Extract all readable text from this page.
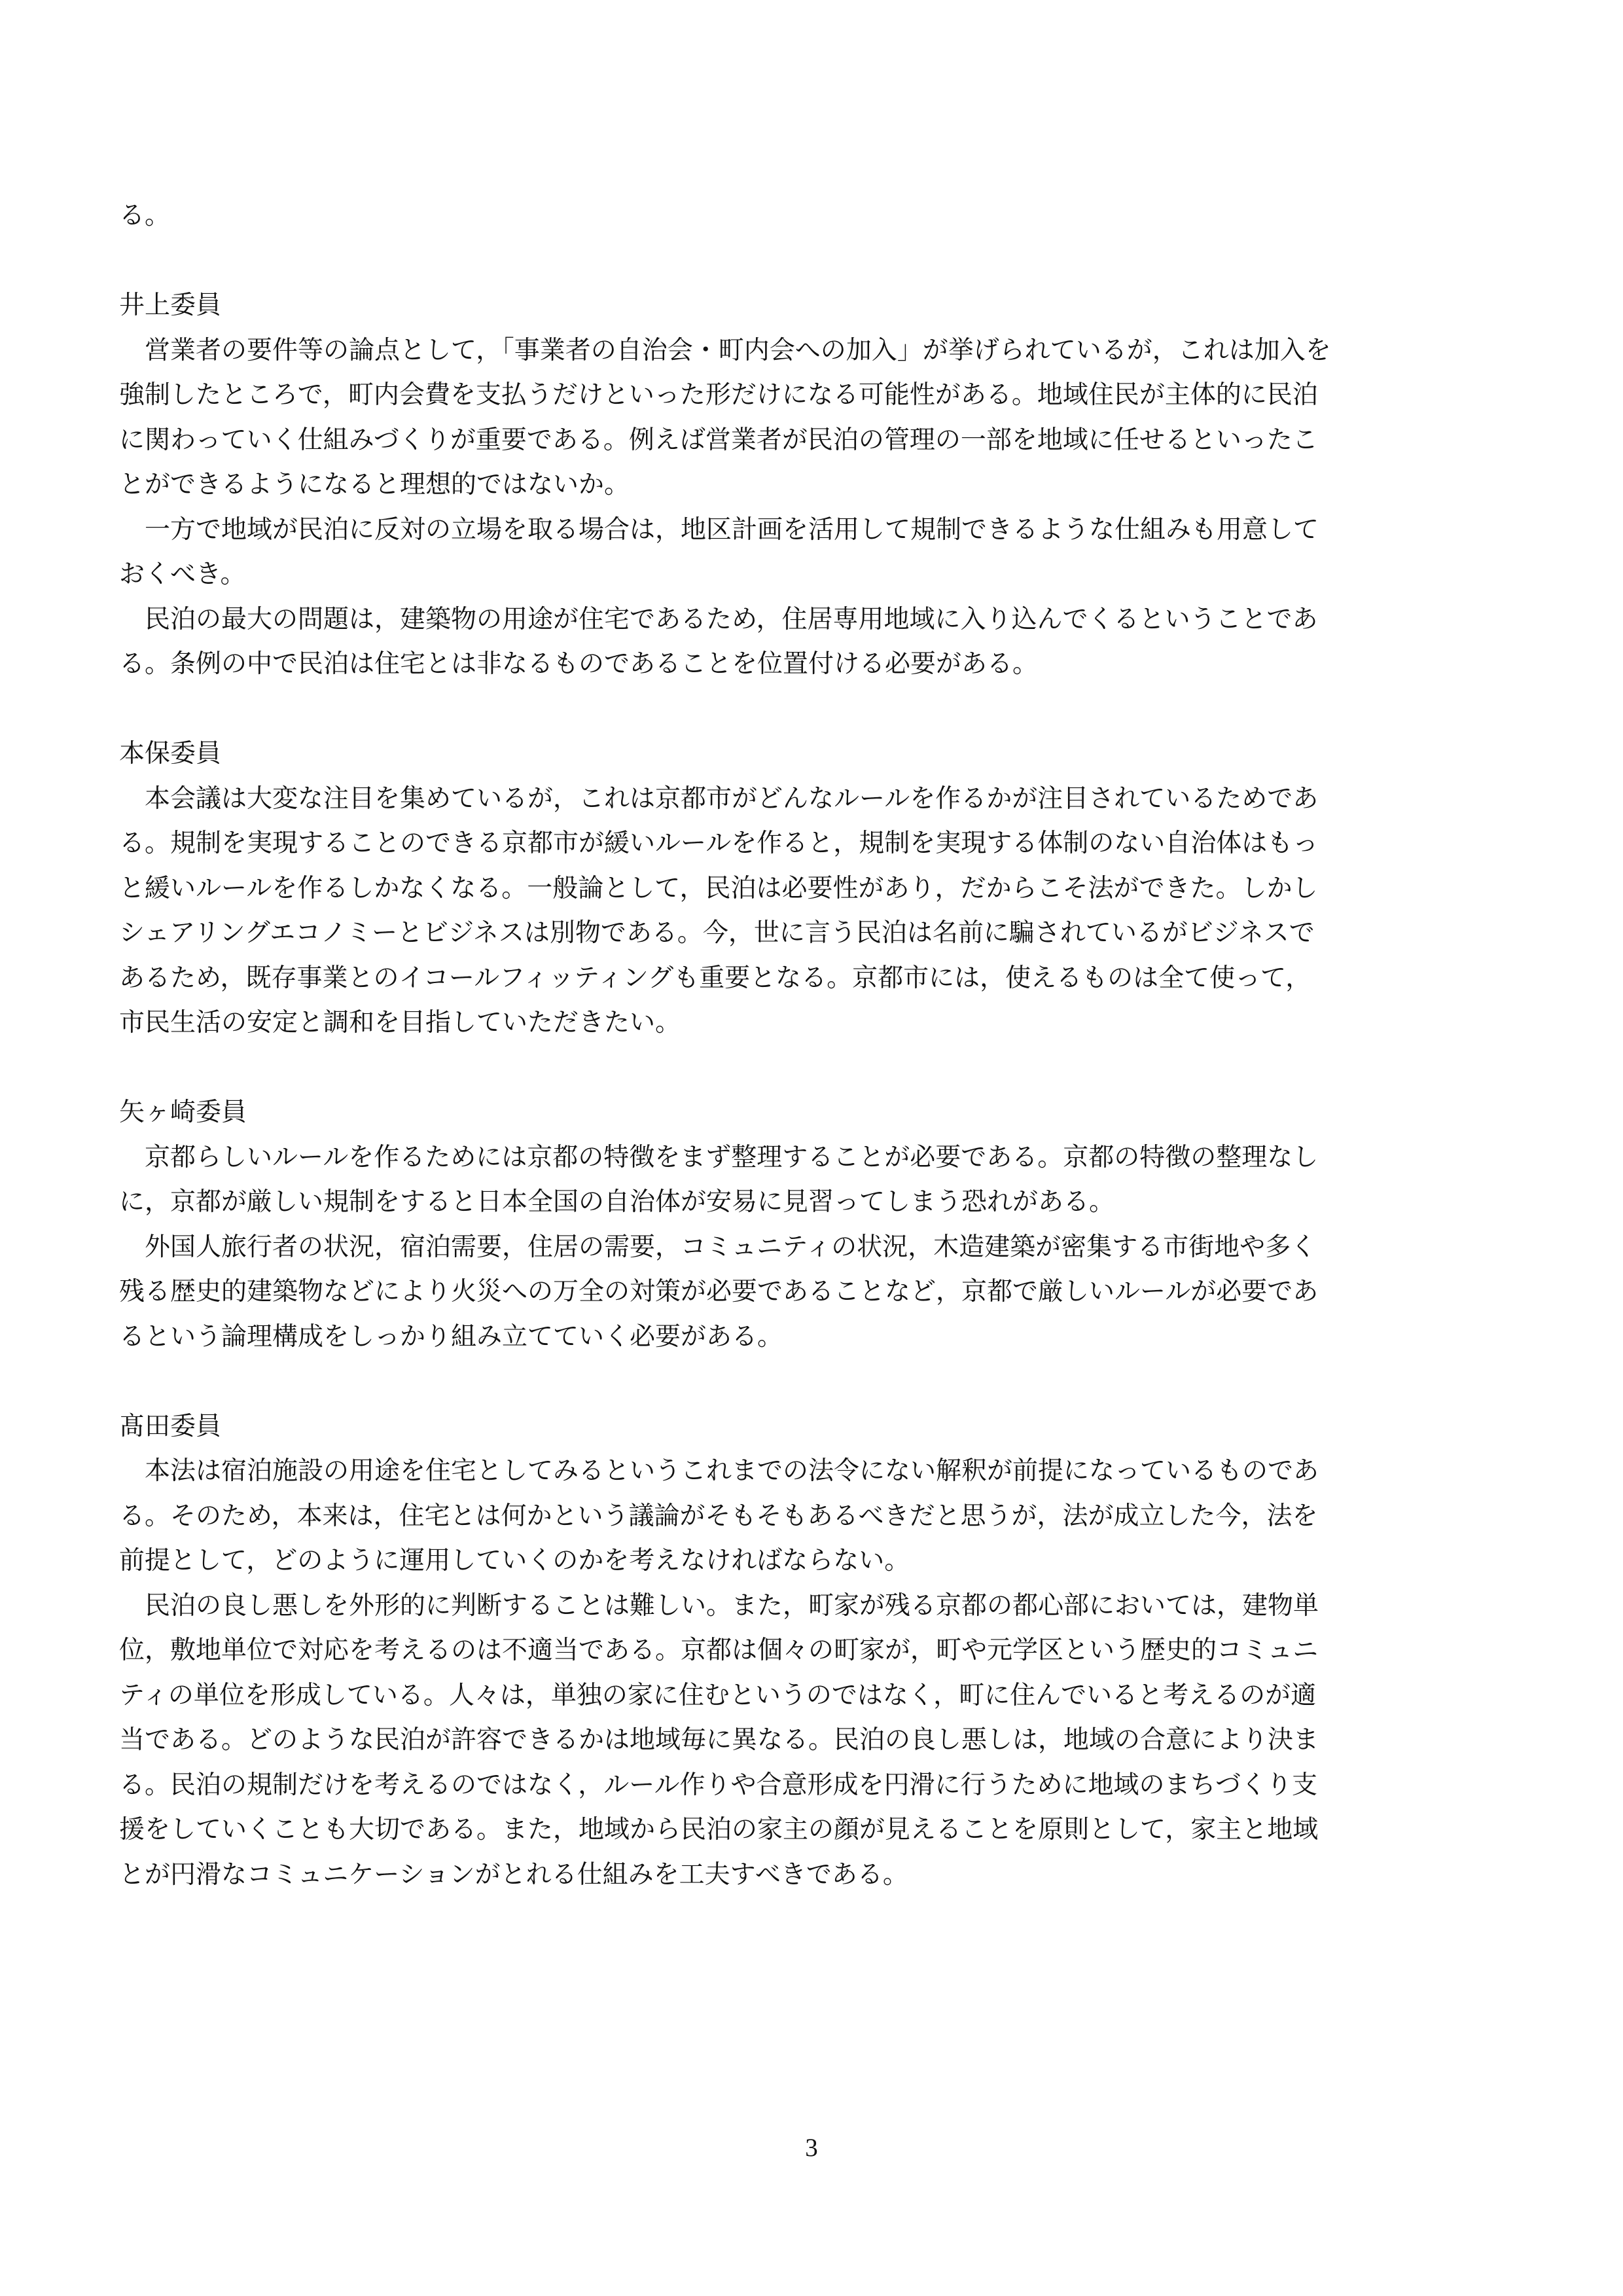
る。
井上委員
　営業者の要件等の論点として，「事業者の自治会・町内会への加入」が挙げられているが，これは加入を
強制したところで，町内会費を支払うだけといった形だけになる可能性がある。地域住民が主体的に民泊
に関わっていく仕組みづくりが重要である。例えば営業者が民泊の管理の一部を地域に任せるといったこ
とができるようになると理想的ではないか。
　一方で地域が民泊に反対の立場を取る場合は，地区計画を活用して規制できるような仕組みも用意して
おくべき。
　民泊の最大の問題は，建築物の用途が住宅であるため，住居専用地域に入り込んでくるということであ
る。条例の中で民泊は住宅とは非なるものであることを位置付ける必要がある。
本保委員
　本会議は大変な注目を集めているが，これは京都市がどんなルールを作るかが注目されているためであ
る。規制を実現することのできる京都市が緩いルールを作ると，規制を実現する体制のない自治体はもっ
と緩いルールを作るしかなくなる。一般論として，民泊は必要性があり，だからこそ法ができた。しかし
シェアリングエコノミーとビジネスは別物である。今，世に言う民泊は名前に騙されているがビジネスで
あるため，既存事業とのイコールフィッティングも重要となる。京都市には，使えるものは全て使って，
市民生活の安定と調和を目指していただきたい。
矢ヶ崎委員
　京都らしいルールを作るためには京都の特徴をまず整理することが必要である。京都の特徴の整理なし
に，京都が厳しい規制をすると日本全国の自治体が安易に見習ってしまう恐れがある。
　外国人旅行者の状況，宿泊需要，住居の需要，コミュニティの状況，木造建築が密集する市街地や多く
残る歴史的建築物などにより火災への万全の対策が必要であることなど，京都で厳しいルールが必要であ
るという論理構成をしっかり組み立てていく必要がある。
髙田委員
　本法は宿泊施設の用途を住宅としてみるというこれまでの法令にない解釈が前提になっているものであ
る。そのため，本来は，住宅とは何かという議論がそもそもあるべきだと思うが，法が成立した今，法を
前提として，どのように運用していくのかを考えなければならない。
　民泊の良し悪しを外形的に判断することは難しい。また，町家が残る京都の都心部においては，建物単
位，敷地単位で対応を考えるのは不適当である。京都は個々の町家が，町や元学区という歴史的コミュニ
ティの単位を形成している。人々は，単独の家に住むというのではなく，町に住んでいると考えるのが適
当である。どのような民泊が許容できるかは地域毎に異なる。民泊の良し悪しは，地域の合意により決ま
る。民泊の規制だけを考えるのではなく，ルール作りや合意形成を円滑に行うために地域のまちづくり支
援をしていくことも大切である。また，地域から民泊の家主の顔が見えることを原則として，家主と地域
とが円滑なコミュニケーションがとれる仕組みを工夫すべきである。
3
